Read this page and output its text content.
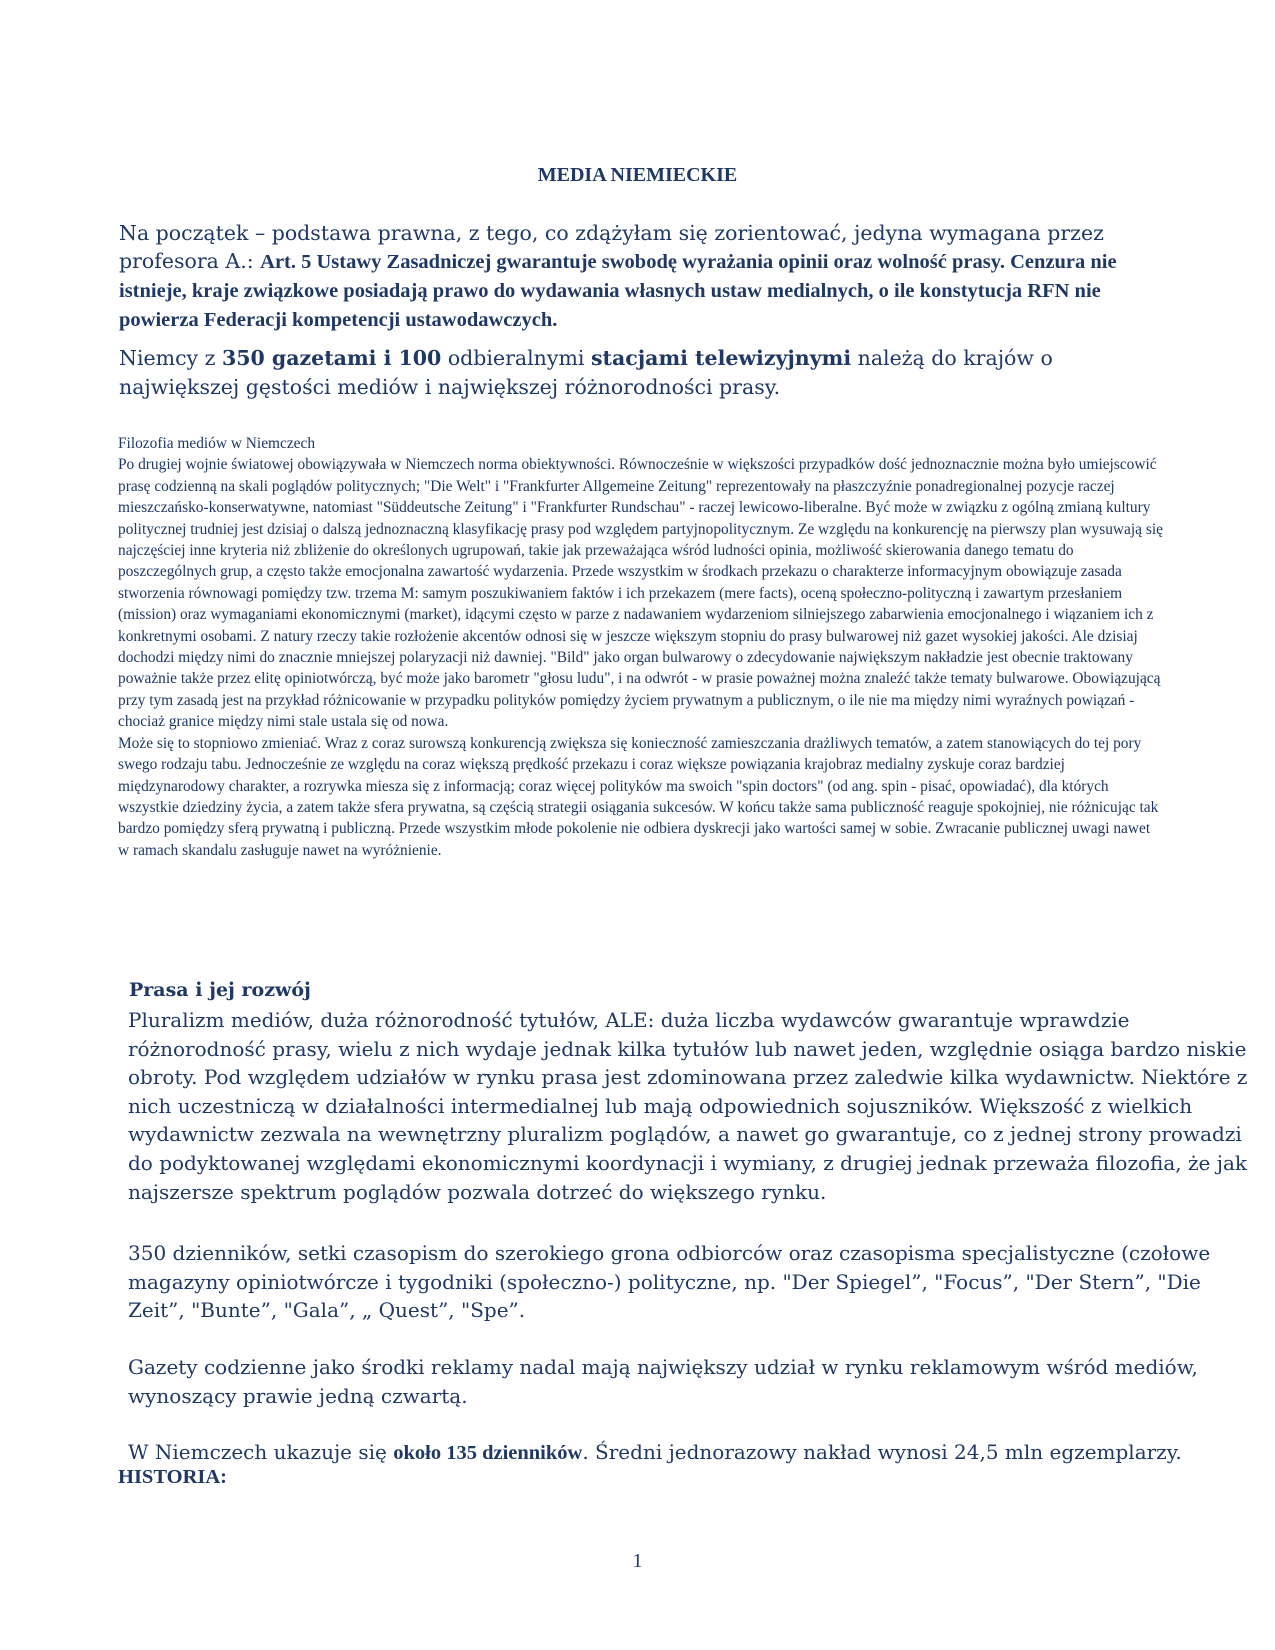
MEDIA NIEMIECKIE
Na początek – podstawa prawna, z tego, co zdążyłam się zorientować, jedyna wymagana przez profesora A.: Art. 5 Ustawy Zasadniczej gwarantuje swobodę wyrażania opinii oraz wolność prasy. Cenzura nie istnieje, kraje związkowe posiadają prawo do wydawania własnych ustaw medialnych, o ile konstytucja RFN nie powierza Federacji kompetencji ustawodawczych.
Niemcy z 350 gazetami i 100 odbieralnymi stacjami telewizyjnymi należą do krajów o największej gęstości mediów i największej różnorodności prasy.

Filozofia mediów w Niemczech

Po drugiej wojnie światowej obowiązywała w Niemczech norma obiektywności. Równocześnie w większości przypadków dość jednoznacznie można było umiejscowić prasę codzienną na skali poglądów politycznych; "Die Welt" i "Frankfurter Allgemeine Zeitung" reprezentowały na płaszczyźnie ponadregionalnej pozycje raczej mieszczańsko-konserwatywne, natomiast "Süddeutsche Zeitung" i "Frankfurter Rundschau" - raczej lewicowo-liberalne. Być może w związku z ogólną zmianą kultury politycznej trudniej jest dzisiaj o dalszą jednoznaczną klasyfikację prasy pod względem partyjnopolitycznym. Ze względu na konkurencję na pierwszy plan wysuwają się najczęściej inne kryteria niż zbliżenie do określonych ugrupowań, takie jak przeważająca wśród ludności opinia, możliwość skierowania danego tematu do poszczególnych grup, a często także emocjonalna zawartość wydarzenia. Przede wszystkim w środkach przekazu o charakterze informacyjnym obowiązuje zasada stworzenia równowagi pomiędzy tzw. trzema M: samym poszukiwaniem faktów i ich przekazem (mere facts), oceną społeczno-polityczną i zawartym przesłaniem (mission) oraz wymaganiami ekonomicznymi (market), idącymi często w parze z nadawaniem wydarzeniom silniejszego zabarwienia emocjonalnego i wiązaniem ich z konkretnymi osobami. Z natury rzeczy takie rozłożenie akcentów odnosi się w jeszcze większym stopniu do prasy bulwarowej niż gazet wysokiej jakości. Ale dzisiaj dochodzi między nimi do znacznie mniejszej polaryzacji niż dawniej. "Bild" jako organ bulwarowy o zdecydowanie największym nakładzie jest obecnie traktowany poważnie także przez elitę opiniotwórczą, być może jako barometr "głosu ludu", i na odwrót - w prasie poważnej można znaleźć także tematy bulwarowe. Obowiązującą przy tym zasadą jest na przykład różnicowanie w przypadku polityków pomiędzy życiem prywatnym a publicznym, o ile nie ma między nimi wyraźnych powiązań - chociaż granice między nimi stale ustala się od nowa.

Może się to stopniowo zmieniać. Wraz z coraz surowszą konkurencją zwiększa się konieczność zamieszczania drażliwych tematów, a zatem stanowiących do tej pory swego rodzaju tabu. Jednocześnie ze względu na coraz większą prędkość przekazu i coraz większe powiązania krajobraz medialny zyskuje coraz bardziej międzynarodowy charakter, a rozrywka miesza się z informacją; coraz więcej polityków ma swoich "spin doctors" (od ang. spin - pisać, opowiadać), dla których wszystkie dziedziny życia, a zatem także sfera prywatna, są częścią strategii osiągania sukcesów. W końcu także sama publiczność reaguje spokojniej, nie różnicując tak bardzo pomiędzy sferą prywatną i publiczną. Przede wszystkim młode pokolenie nie odbiera dyskrecji jako wartości samej w sobie. Zwracanie publicznej uwagi nawet w ramach skandalu zasługuje nawet na wyróżnienie.

Prasa i jej rozwój
Pluralizm mediów, duża różnorodność tytułów, ALE: duża liczba wydawców gwarantuje wprawdzie różnorodność prasy, wielu z nich wydaje jednak kilka tytułów lub nawet jeden, względnie osiąga bardzo niskie obroty. Pod względem udziałów w rynku prasa jest zdominowana przez zaledwie kilka wydawnictw. Niektóre z nich uczestniczą w działalności intermedialnej lub mają odpowiednich sojuszników. Większość z wielkich wydawnictw zezwala na wewnętrzny pluralizm poglądów, a nawet go gwarantuje, co z jednej strony prowadzi do podyktowanej względami ekonomicznymi koordynacji i wymiany, z drugiej jednak przeważa filozofia, że jak najszersze spektrum poglądów pozwala dotrzeć do większego rynku.
350 dzienników, setki czasopism do szerokiego grona odbiorców oraz czasopisma specjalistyczne (czołowe magazyny opiniotwórcze i tygodniki (społeczno-) polityczne, np. "Der Spiegel”, "Focus”, "Der Stern”, "Die Zeit”, "Bunte”, "Gala”, „ Quest”, "Spe”.
Gazety codzienne jako środki reklamy nadal mają największy udział w rynku reklamowym wśród mediów, wynoszący prawie jedną czwartą.
W Niemczech ukazuje się około 135 dzienników. Średni jednorazowy nakład wynosi 24,5 mln egzemplarzy.
HISTORIA:
1
